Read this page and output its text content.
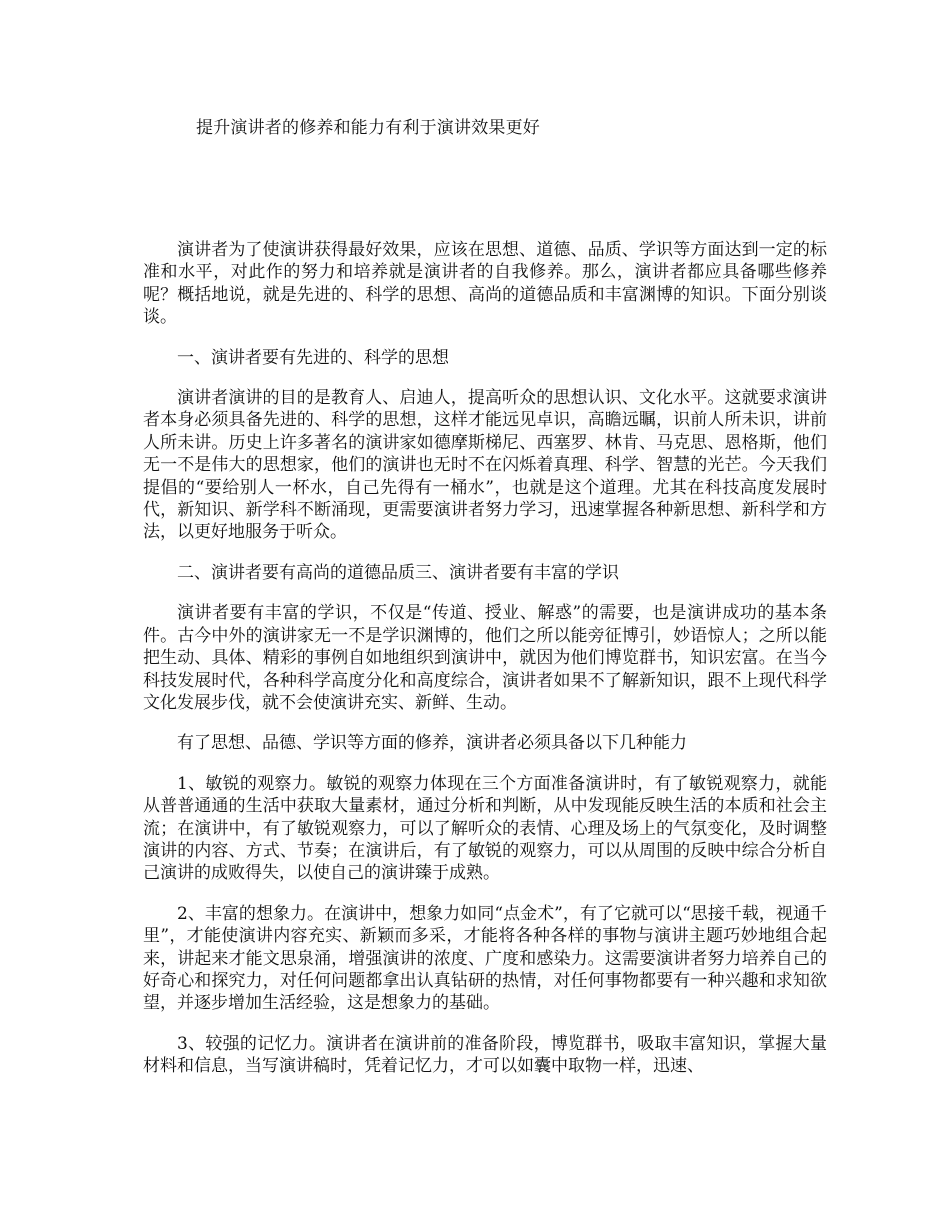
提升演讲者的修养和能力有利于演讲效果更好

演讲者为了使演讲获得最好效果，应该在思想、道德、品质、学识等方面达到一定的标准和水平，对此作的努力和培养就是演讲者的自我修养。那么，演讲者都应具备哪些修养呢？概括地说，就是先进的、科学的思想、高尚的道德品质和丰富渊博的知识。下面分别谈谈。

一、演讲者要有先进的、科学的思想

演讲者演讲的目的是教育人、启迪人，提高听众的思想认识、文化水平。这就要求演讲者本身必须具备先进的、科学的思想，这样才能远见卓识，高瞻远瞩，识前人所未识，讲前人所未讲。历史上许多著名的演讲家如德摩斯梯尼、西塞罗、林肯、马克思、恩格斯，他们无一不是伟大的思想家，他们的演讲也无时不在闪烁着真理、科学、智慧的光芒。今天我们提倡的“要给别人一杯水，自己先得有一桶水”，也就是这个道理。尤其在科技高度发展时代，新知识、新学科不断涌现，更需要演讲者努力学习，迅速掌握各种新思想、新科学和方法，以更好地服务于听众。

二、演讲者要有高尚的道德品质三、演讲者要有丰富的学识

演讲者要有丰富的学识，不仅是“传道、授业、解惑”的需要，也是演讲成功的基本条件。古今中外的演讲家无一不是学识渊博的，他们之所以能旁征博引，妙语惊人；之所以能把生动、具体、精彩的事例自如地组织到演讲中，就因为他们博览群书，知识宏富。在当今科技发展时代，各种科学高度分化和高度综合，演讲者如果不了解新知识，跟不上现代科学文化发展步伐，就不会使演讲充实、新鲜、生动。

有了思想、品德、学识等方面的修养，演讲者必须具备以下几种能力

1、敏锐的观察力。敏锐的观察力体现在三个方面准备演讲时，有了敏锐观察力，就能从普普通通的生活中获取大量素材，通过分析和判断，从中发现能反映生活的本质和社会主流；在演讲中，有了敏锐观察力，可以了解听众的表情、心理及场上的气氛变化，及时调整演讲的内容、方式、节奏；在演讲后，有了敏锐的观察力，可以从周围的反映中综合分析自己演讲的成败得失，以使自己的演讲臻于成熟。

2、丰富的想象力。在演讲中，想象力如同“点金术”，有了它就可以“思接千载，视通千里”，才能使演讲内容充实、新颖而多采，才能将各种各样的事物与演讲主题巧妙地组合起来，讲起来才能文思泉涌，增强演讲的浓度、广度和感染力。这需要演讲者努力培养自己的好奇心和探究力，对任何问题都拿出认真钻研的热情，对任何事物都要有一种兴趣和求知欲望，并逐步增加生活经验，这是想象力的基础。

3、较强的记忆力。演讲者在演讲前的准备阶段，博览群书，吸取丰富知识，掌握大量材料和信息，当写演讲稿时，凭着记忆力，才可以如囊中取物一样，迅速、
